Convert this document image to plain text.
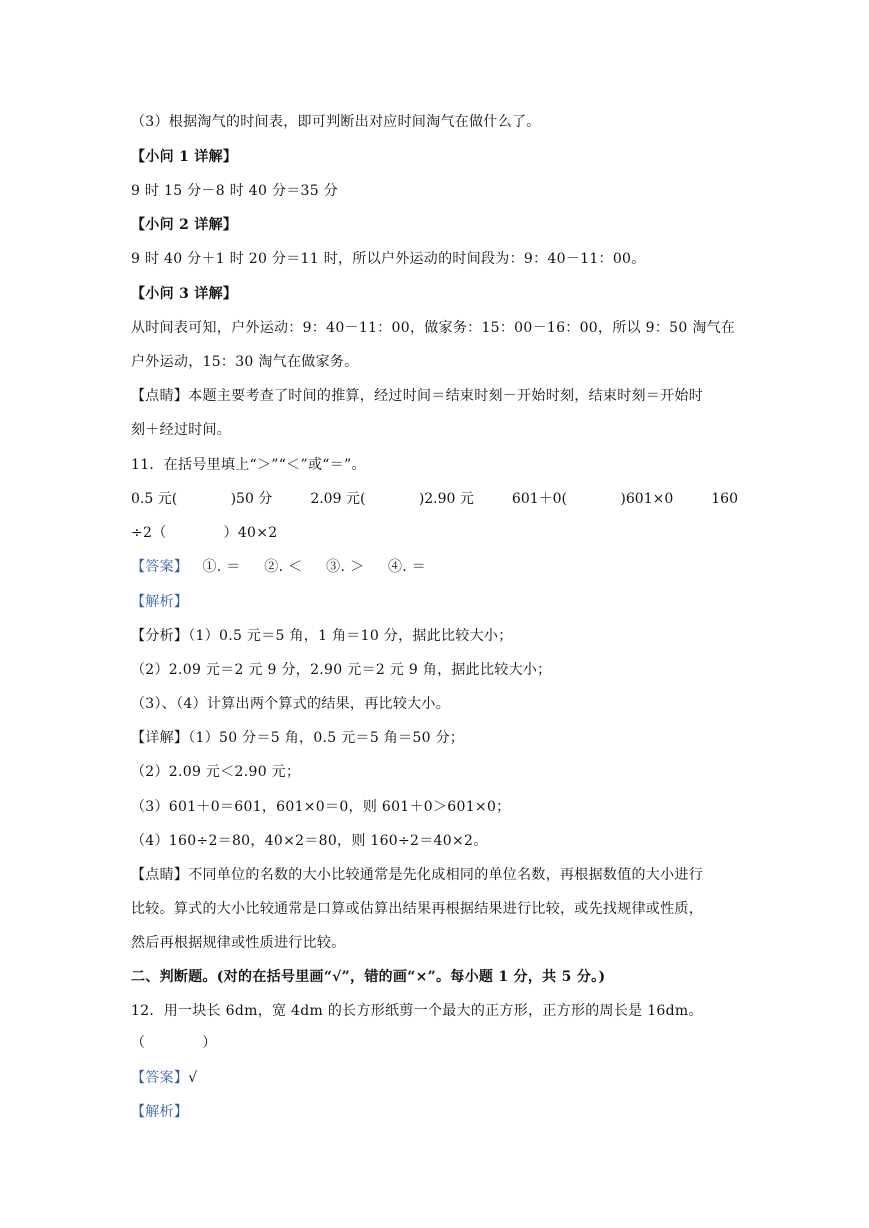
（3）根据淘气的时间表，即可判断出对应时间淘气在做什么了。
【小问 1 详解】
9 时 15 分－8 时 40 分＝35 分
【小问 2 详解】
9 时 40 分＋1 时 20 分＝11 时，所以户外运动的时间段为：9：40－11：00。
【小问 3 详解】
从时间表可知，户外运动：9：40－11：00，做家务：15：00－16：00，所以 9：50 淘气在
户外运动，15：30 淘气在做家务。
【点睛】本题主要考查了时间的推算，经过时间＝结束时刻－开始时刻，结束时刻＝开始时
刻＋经过时间。
11．在括号里填上“＞”“＜”或“＝”。
0.5 元(            )50 分	2.09 元(            )2.90 元	601＋0(            )601×0	160
÷2（            ）40×2
【答案】   ①. ＝     ②. ＜     ③. ＞     ④. ＝
【解析】
【分析】（1）0.5 元＝5 角，1 角＝10 分，据此比较大小；
（2）2.09 元＝2 元 9 分，2.90 元＝2 元 9 角，据此比较大小；
（3）、（4）计算出两个算式的结果，再比较大小。
【详解】（1）50 分＝5 角，0.5 元＝5 角＝50 分；
（2）2.09 元＜2.90 元；
（3）601＋0＝601，601×0＝0，则 601＋0＞601×0；
（4）160÷2＝80，40×2＝80，则 160÷2＝40×2。
【点睛】不同单位的名数的大小比较通常是先化成相同的单位名数，再根据数值的大小进行
比较。算式的大小比较通常是口算或估算出结果再根据结果进行比较，或先找规律或性质，
然后再根据规律或性质进行比较。
二、判断题。(对的在括号里画“√”，错的画“×”。每小题 1 分，共 5 分。)
12．用一块长 6dm，宽 4dm 的长方形纸剪一个最大的正方形，正方形的周长是 16dm。
（            ）
【答案】√
【解析】
